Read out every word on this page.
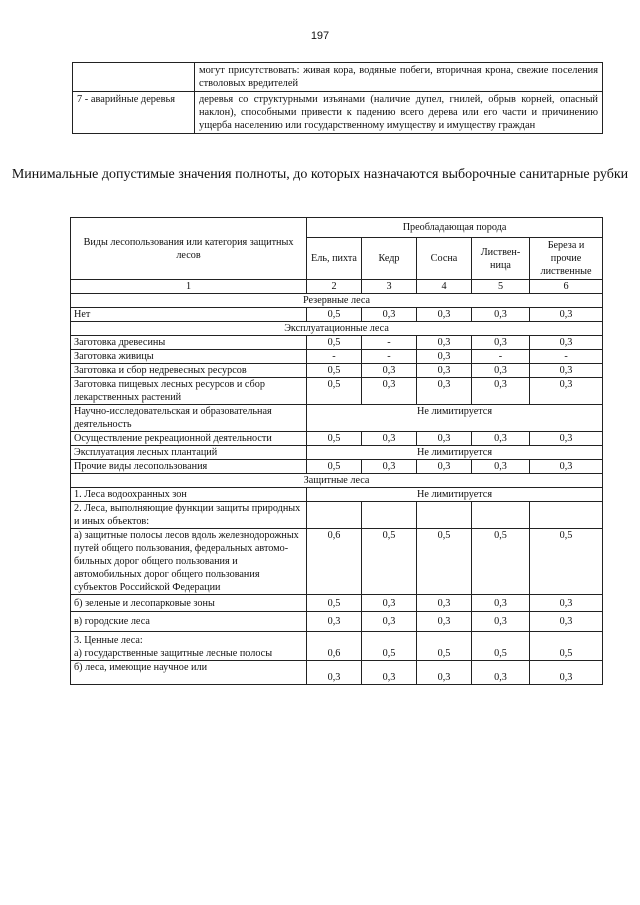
197
	могут присутствовать: живая кора, водяные побеги, вторичная крона, свежие поселения стволовых вредителей
7 - аварийные деревья	деревья со структурными изъянами (наличие дупел, гнилей, обрыв корней, опасный наклон), способными привести к падению всего дерева или его части и причинению ущерба населению или государственному имуществу и имуществу граждан
Минимальные допустимые значения полноты, до которых назначаются выборочные санитарные рубки
Виды лесопользования или категория защитных лесов	Преобладающая порода				
	Ель, пихта	Кедр	Сосна	Листвен-ница	Береза и прочие лиственные
1	2	3	4	5	6
Резервные леса					
Нет	0,5	0,3	0,3	0,3	0,3
Эксплуатационные леса					
Заготовка древесины	0,5	-	0,3	0,3	0,3
Заготовка живицы	-	-	0,3	-	-
Заготовка и сбор недревесных ресурсов	0,5	0,3	0,3	0,3	0,3
Заготовка пищевых лесных ресурсов и сбор лекарственных растений	0,5	0,3	0,3	0,3	0,3
Научно-исследовательская и образовательная деятельность	Не лимитируется				
Осуществление рекреационной деятельности	0,5	0,3	0,3	0,3	0,3
Эксплуатация лесных плантаций	Не лимитируется				
Прочие виды лесопользования	0,5	0,3	0,3	0,3	0,3
Защитные леса					
1. Леса водоохранных зон	Не лимитируется				
2. Леса, выполняющие функции защиты природных и иных объектов:					
а) защитные полосы лесов вдоль железнодорожных путей общего пользования, федеральных автомо-бильных дорог общего пользования и автомобильных дорог общего пользования субъектов Российской Федерации	0,6	0,5	0,5	0,5	0,5
б) зеленые и лесопарковые зоны	0,5	0,3	0,3	0,3	0,3
в) городские леса	0,3	0,3	0,3	0,3	0,3

3. Ценные леса:
а) государственные защитные лесные полосы	0,6	0,5	0,5	0,5	0,5
б) леса, имеющие научное или	0,3	0,3	0,3	0,3	0,3
